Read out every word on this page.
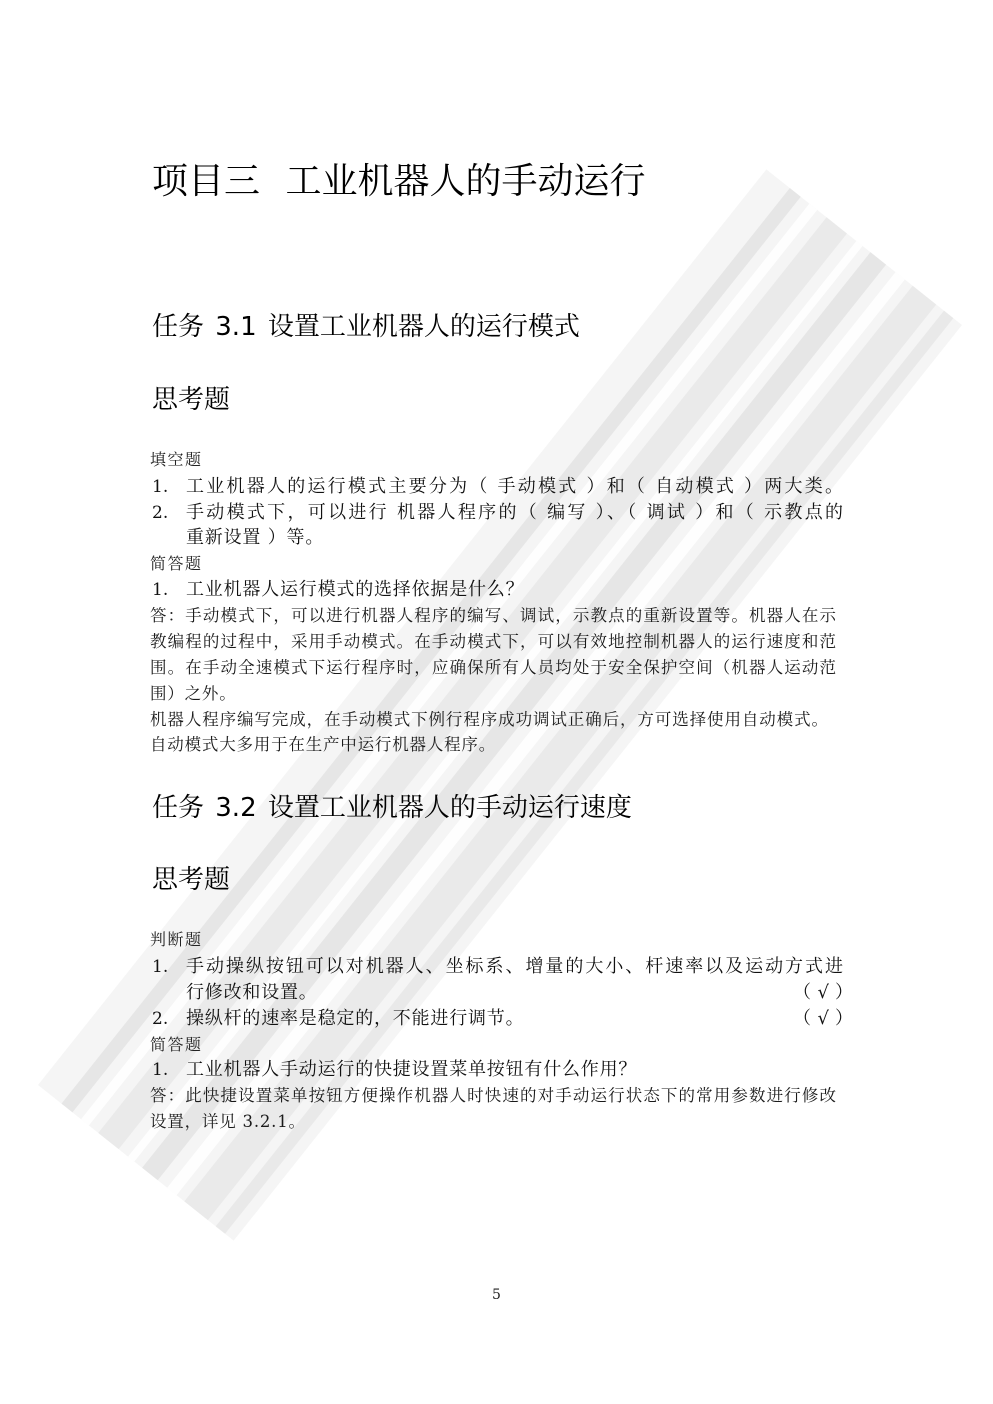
项目三 工业机器人的手动运行
任务 3.1 设置工业机器人的运行模式
思考题
填空题
1. 工业机器人的运行模式主要分为（ 手动模式 ）和（ 自动模式 ）两大类。
2. 手动模式下，可以进行 机器人程序的（ 编写 ）、（ 调试 ）和（ 示教点的
重新设置 ）等。
简答题
1. 工业机器人运行模式的选择依据是什么？
答：手动模式下，可以进行机器人程序的编写、调试，示教点的重新设置等。机器人在示
教编程的过程中，采用手动模式。在手动模式下，可以有效地控制机器人的运行速度和范
围。在手动全速模式下运行程序时，应确保所有人员均处于安全保护空间（机器人运动范
围）之外。
机器人程序编写完成，在手动模式下例行程序成功调试正确后，方可选择使用自动模式。
自动模式大多用于在生产中运行机器人程序。
任务 3.2 设置工业机器人的手动运行速度
思考题
判断题
1. 手动操纵按钮可以对机器人、坐标系、增量的大小、杆速率以及运动方式进
行修改和设置。	（ √ ）
2. 操纵杆的速率是稳定的，不能进行调节。	（ √ ）
简答题
1. 工业机器人手动运行的快捷设置菜单按钮有什么作用？
答：此快捷设置菜单按钮方便操作机器人时快速的对手动运行状态下的常用参数进行修改
设置，详见 3.2.1。
5
